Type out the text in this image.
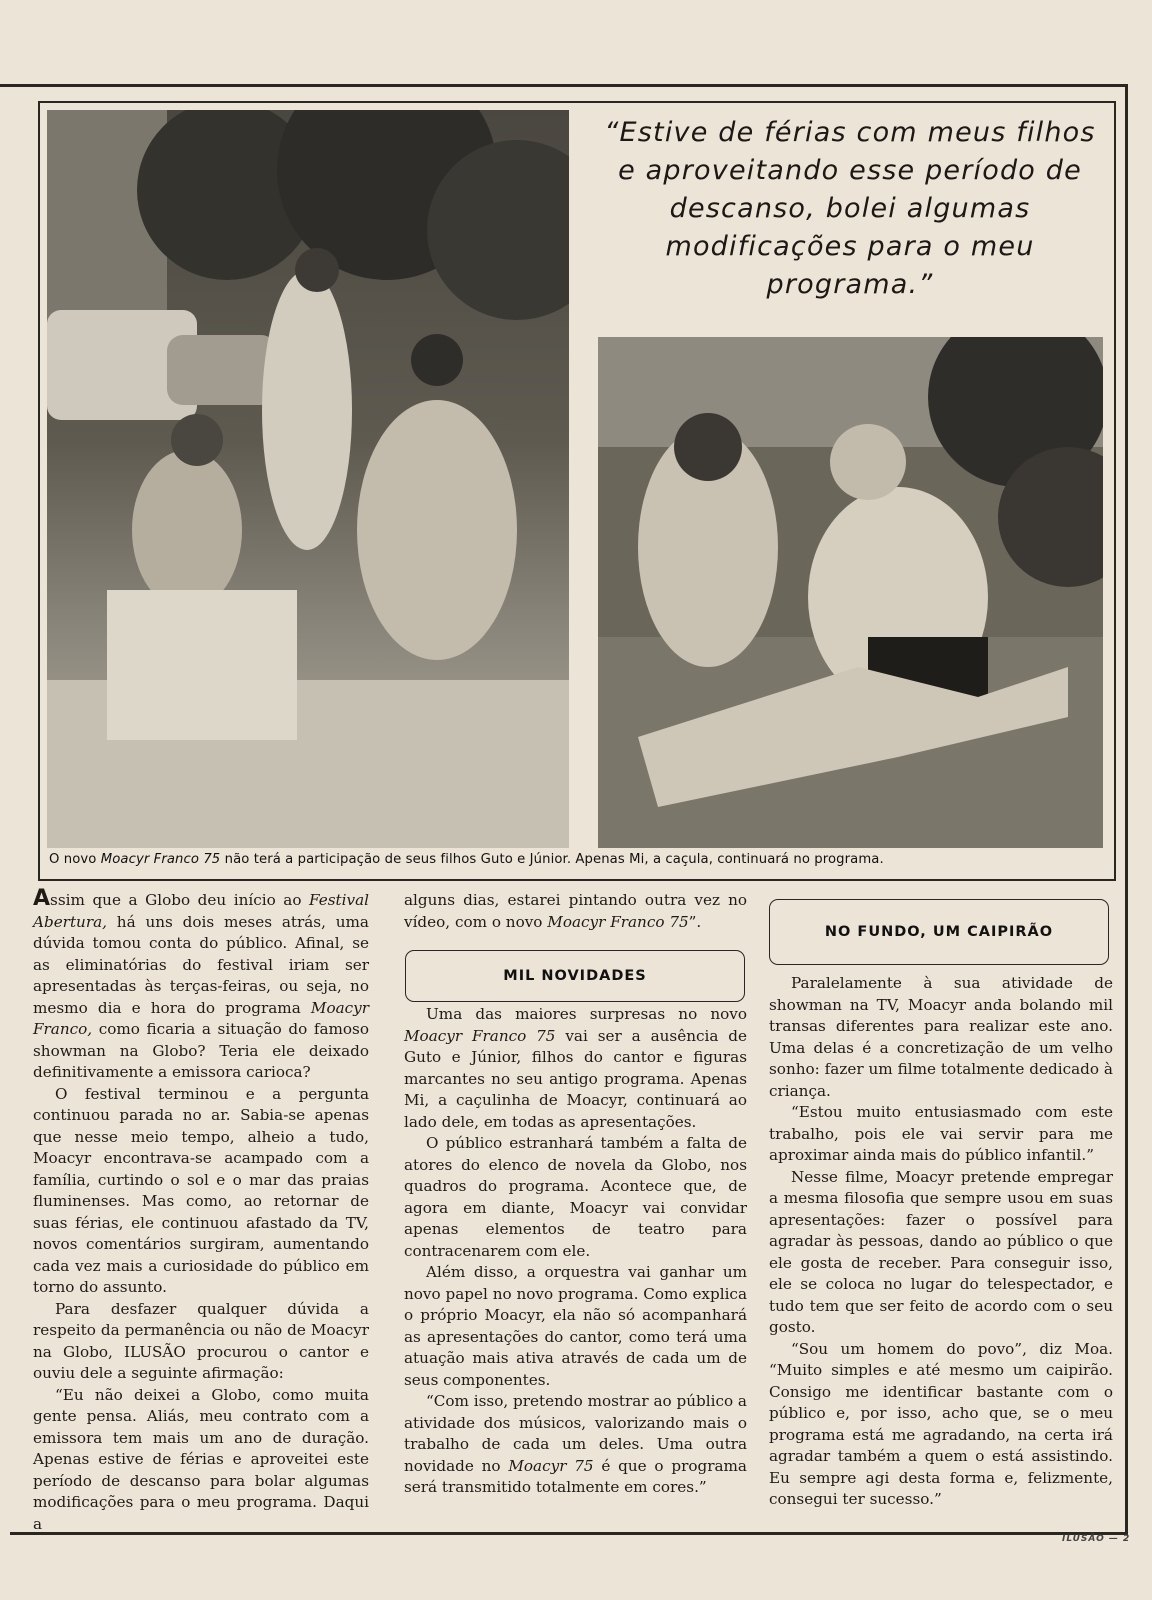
“Estive de férias com meus filhos e aproveitando esse período de descanso, bolei algumas modificações para o meu programa.”

O novo Moacyr Franco 75 não terá a participação de seus filhos Guto e Júnior. Apenas Mi, a caçula, continuará no programa.

Assim que a Globo deu início ao Festival Abertura, há uns dois meses atrás, uma dúvida tomou conta do público. Afinal, se as eliminatórias do festival iriam ser apresentadas às terças-feiras, ou seja, no mesmo dia e hora do programa Moacyr Franco, como ficaria a situação do famoso showman na Globo? Teria ele deixado definitivamente a emissora carioca?

O festival terminou e a pergunta continuou parada no ar. Sabia-se apenas que nesse meio tempo, alheio a tudo, Moacyr encontrava-se acampado com a família, curtindo o sol e o mar das praias fluminenses. Mas como, ao retornar de suas férias, ele continuou afastado da TV, novos comentários surgiram, aumentando cada vez mais a curiosidade do público em torno do assunto.

Para desfazer qualquer dúvida a respeito da permanência ou não de Moacyr na Globo, ILUSÃO procurou o cantor e ouviu dele a seguinte afirmação:

“Eu não deixei a Globo, como muita gente pensa. Aliás, meu contrato com a emissora tem mais um ano de duração. Apenas estive de férias e aproveitei este período de descanso para bolar algumas modificações para o meu programa. Daqui a

alguns dias, estarei pintando outra vez no vídeo, com o novo Moacyr Franco 75”.

Uma das maiores surpresas no novo Moacyr Franco 75 vai ser a ausência de Guto e Júnior, filhos do cantor e figuras marcantes no seu antigo programa. Apenas Mi, a caçulinha de Moacyr, continuará ao lado dele, em todas as apresentações.

O público estranhará também a falta de atores do elenco de novela da Globo, nos quadros do programa. Acontece que, de agora em diante, Moacyr vai convidar apenas elementos de teatro para contracenarem com ele.

Além disso, a orquestra vai ganhar um novo papel no novo programa. Como explica o próprio Moacyr, ela não só acompanhará as apresentações do cantor, como terá uma atuação mais ativa através de cada um de seus componentes.

“Com isso, pretendo mostrar ao público a atividade dos músicos, valorizando mais o trabalho de cada um deles. Uma outra novidade no Moacyr 75 é que o programa será transmitido totalmente em cores.”

MIL NOVIDADES
NO FUNDO, UM CAIPIRÃO

Paralelamente à sua atividade de showman na TV, Moacyr anda bolando mil transas diferentes para realizar este ano. Uma delas é a concretização de um velho sonho: fazer um filme totalmente dedicado à criança.

“Estou muito entusiasmado com este trabalho, pois ele vai servir para me aproximar ainda mais do público infantil.”

Nesse filme, Moacyr pretende empregar a mesma filosofia que sempre usou em suas apresentações: fazer o possível para agradar às pessoas, dando ao público o que ele gosta de receber. Para conseguir isso, ele se coloca no lugar do telespectador, e tudo tem que ser feito de acordo com o seu gosto.

“Sou um homem do povo”, diz Moa. “Muito simples e até mesmo um caipirão. Consigo me identificar bastante com o público e, por isso, acho que, se o meu programa está me agradando, na certa irá agradar também a quem o está assistindo. Eu sempre agi desta forma e, felizmente, consegui ter sucesso.”

ILUSÃO — 2
